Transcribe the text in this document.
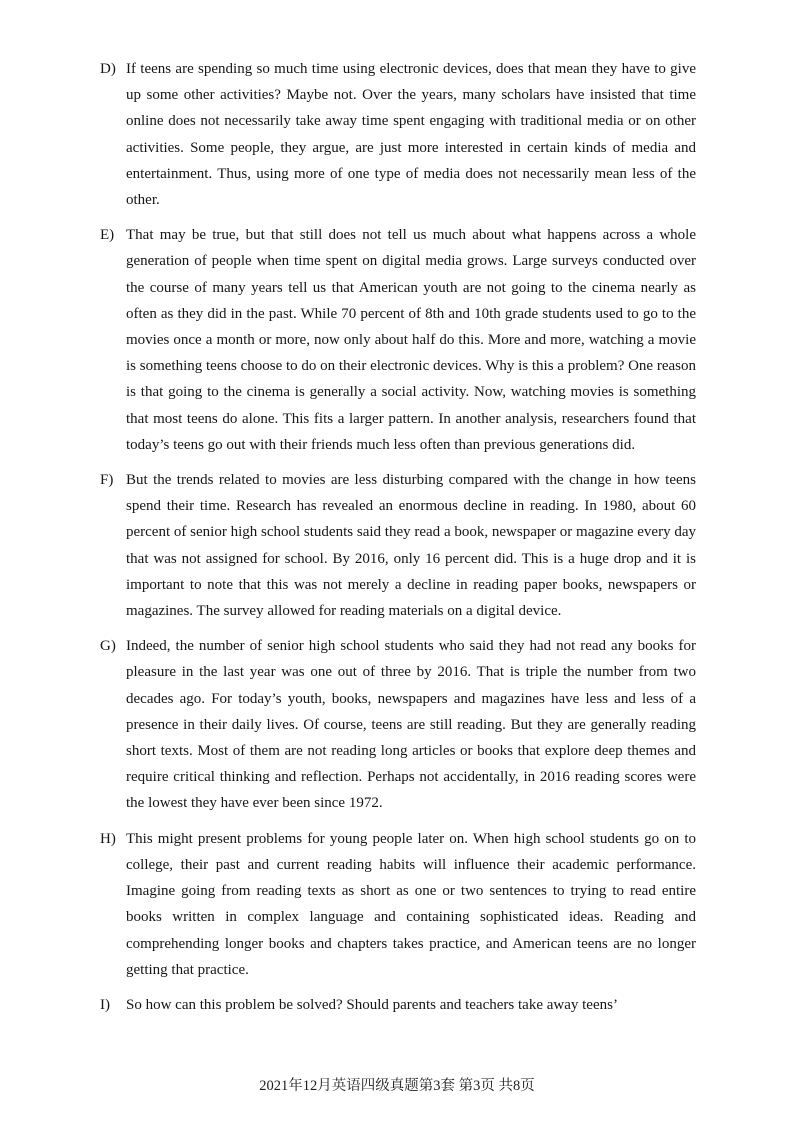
D) If teens are spending so much time using electronic devices, does that mean they have to give up some other activities? Maybe not. Over the years, many scholars have insisted that time online does not necessarily take away time spent engaging with traditional media or on other activities. Some people, they argue, are just more interested in certain kinds of media and entertainment. Thus, using more of one type of media does not necessarily mean less of the other.
E) That may be true, but that still does not tell us much about what happens across a whole generation of people when time spent on digital media grows. Large surveys conducted over the course of many years tell us that American youth are not going to the cinema nearly as often as they did in the past. While 70 percent of 8th and 10th grade students used to go to the movies once a month or more, now only about half do this. More and more, watching a movie is something teens choose to do on their electronic devices. Why is this a problem? One reason is that going to the cinema is generally a social activity. Now, watching movies is something that most teens do alone. This fits a larger pattern. In another analysis, researchers found that today’s teens go out with their friends much less often than previous generations did.
F) But the trends related to movies are less disturbing compared with the change in how teens spend their time. Research has revealed an enormous decline in reading. In 1980, about 60 percent of senior high school students said they read a book, newspaper or magazine every day that was not assigned for school. By 2016, only 16 percent did. This is a huge drop and it is important to note that this was not merely a decline in reading paper books, newspapers or magazines. The survey allowed for reading materials on a digital device.
G) Indeed, the number of senior high school students who said they had not read any books for pleasure in the last year was one out of three by 2016. That is triple the number from two decades ago. For today’s youth, books, newspapers and magazines have less and less of a presence in their daily lives. Of course, teens are still reading. But they are generally reading short texts. Most of them are not reading long articles or books that explore deep themes and require critical thinking and reflection. Perhaps not accidentally, in 2016 reading scores were the lowest they have ever been since 1972.
H) This might present problems for young people later on. When high school students go on to college, their past and current reading habits will influence their academic performance. Imagine going from reading texts as short as one or two sentences to trying to read entire books written in complex language and containing sophisticated ideas. Reading and comprehending longer books and chapters takes practice, and American teens are no longer getting that practice.
I)	So how can this problem be solved? Should parents and teachers take away teens’
2021年12月英语四级真题第3套 第3页 共8页
